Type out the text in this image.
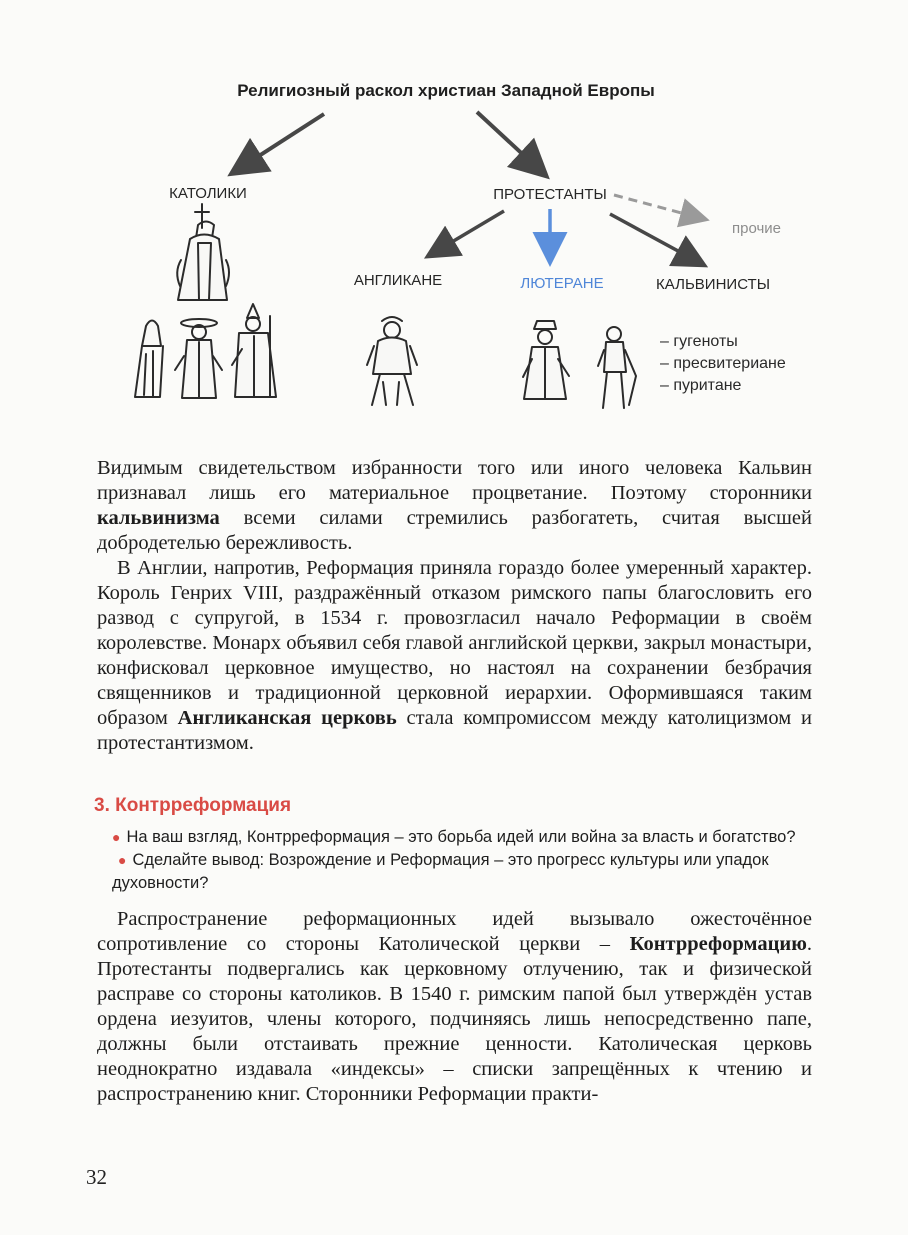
Религиозный раскол христиан Западной Европы
КАТОЛИКИ	ПРОТЕСТАНТЫ
прочие
АНГЛИКАНЕ	ЛЮТЕРАНЕ	КАЛЬВИНИСТЫ
– гугеноты
– пресвитериане
– пуритане

Видимым свидетельством избранности того или иного человека Кальвин признавал лишь его материальное процветание. Поэтому сторонники кальвинизма всеми силами стремились разбогатеть, считая высшей добродетелью бережливость.

В Англии, напротив, Реформация приняла гораздо более умеренный характер. Король Генрих VIII, раздражённый отказом римского папы благословить его развод с супругой, в 1534 г. провозгласил начало Реформации в своём королевстве. Монарх объявил себя главой английской церкви, закрыл монастыри, конфисковал церковное имущество, но настоял на сохранении безбрачия священников и традиционной церковной иерархии. Оформившаяся таким образом Англиканская церковь стала компромиссом между католицизмом и протестантизмом.

3. Контрреформация
● На ваш взгляд, Контрреформация – это борьба идей или война за власть и богатство? ● Сделайте вывод: Возрождение и Реформация – это прогресс культуры или упадок духовности?

Распространение реформационных идей вызывало ожесточённое сопротивление со стороны Католической церкви – Контрреформацию. Протестанты подвергались как церковному отлучению, так и физической расправе со стороны католиков. В 1540 г. римским папой был утверждён устав ордена иезуитов, члены которого, подчиняясь лишь непосредственно папе, должны были отстаивать прежние ценности. Католическая церковь неоднократно издавала «индексы» – списки запрещённых к чтению и распространению книг. Сторонники Реформации практи-

32
